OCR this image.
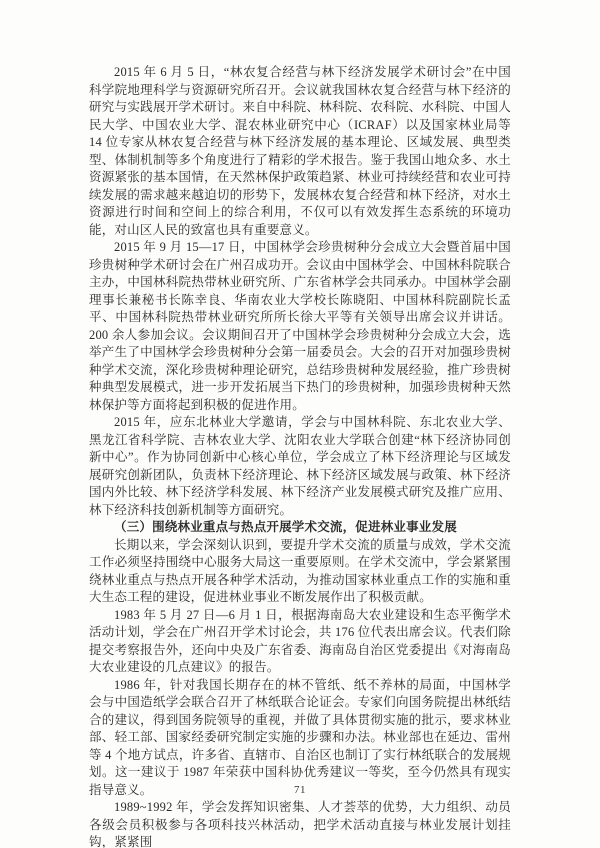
2015 年 6 月 5 日，“林农复合经营与林下经济发展学术研讨会”在中国科学院地理科学与资源研究所召开。会议就我国林农复合经营与林下经济的研究与实践展开学术研讨。来自中科院、林科院、农科院、水科院、中国人民大学、中国农业大学、混农林业研究中心（ICRAF）以及国家林业局等 14 位专家从林农复合经营与林下经济发展的基本理论、区域发展、典型类型、体制机制等多个角度进行了精彩的学术报告。鉴于我国山地众多、水土资源紧张的基本国情，在天然林保护政策趋紧、林业可持续经营和农业可持续发展的需求越来越迫切的形势下，发展林农复合经营和林下经济，对水土资源进行时间和空间上的综合利用，不仅可以有效发挥生态系统的环境功能，对山区人民的致富也具有重要意义。

2015 年 9 月 15—17 日，中国林学会珍贵树种分会成立大会暨首届中国珍贵树种学术研讨会在广州召成功开。会议由中国林学会、中国林科院联合主办，中国林科院热带林业研究所、广东省林学会共同承办。中国林学会副理事长兼秘书长陈幸良、华南农业大学校长陈晓阳、中国林科院副院长孟平、中国林科院热带林业研究所所长徐大平等有关领导出席会议并讲话。200 余人参加会议。会议期间召开了中国林学会珍贵树种分会成立大会，选举产生了中国林学会珍贵树种分会第一届委员会。大会的召开对加强珍贵树种学术交流，深化珍贵树种理论研究，总结珍贵树种发展经验，推广珍贵树种典型发展模式，进一步开发拓展当下热门的珍贵树种，加强珍贵树种天然林保护等方面将起到积极的促进作用。

2015 年，应东北林业大学邀请，学会与中国林科院、东北农业大学、黑龙江省科学院、吉林农业大学、沈阳农业大学联合创建“林下经济协同创新中心”。作为协同创新中心核心单位，学会成立了林下经济理论与区域发展研究创新团队，负责林下经济理论、林下经济区域发展与政策、林下经济国内外比较、林下经济学科发展、林下经济产业发展模式研究及推广应用、林下经济科技创新机制等方面研究。

（三）围绕林业重点与热点开展学术交流，促进林业事业发展

长期以来，学会深刻认识到，要提升学术交流的质量与成效，学术交流工作必须坚持围绕中心服务大局这一重要原则。在学术交流中，学会紧紧围绕林业重点与热点开展各种学术活动，为推动国家林业重点工作的实施和重大生态工程的建设，促进林业事业不断发展作出了积极贡献。

1983 年 5 月 27 日—6 月 1 日，根据海南岛大农业建设和生态平衡学术活动计划，学会在广州召开学术讨论会，共 176 位代表出席会议。代表们除提交考察报告外，还向中央及广东省委、海南岛自治区党委提出《对海南岛大农业建设的几点建议》的报告。

1986 年，针对我国长期存在的林不管纸、纸不养林的局面，中国林学会与中国造纸学会联合召开了林纸联合论证会。专家们向国务院提出林纸结合的建议，得到国务院领导的重视，并做了具体贯彻实施的批示，要求林业部、轻工部、国家经委研究制定实施的步骤和办法。林业部也在延边、雷州等 4 个地方试点，许多省、直辖市、自治区也制订了实行林纸联合的发展规划。这一建议于 1987 年荣获中国科协优秀建议一等奖，至今仍然具有现实指导意义。

1989~1992 年，学会发挥知识密集、人才荟萃的优势，大力组织、动员各级会员积极参与各项科技兴林活动，把学术活动直接与林业发展计划挂钩，紧紧围

71
